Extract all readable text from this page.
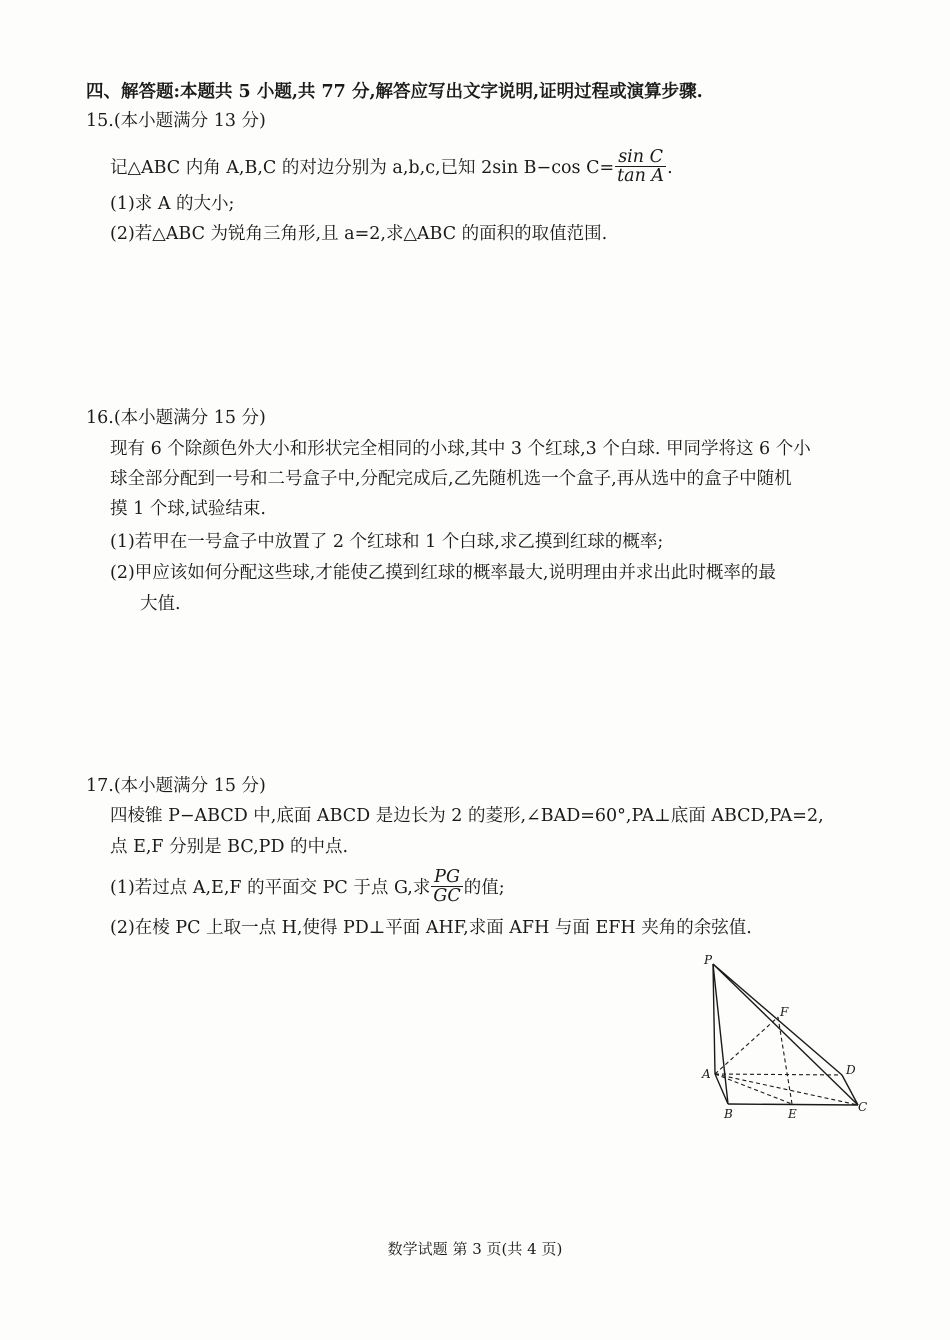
四、解答题:本题共 5 小题,共 77 分,解答应写出文字说明,证明过程或演算步骤.
15.(本小题满分 13 分)
记△ABC 内角 A,B,C 的对边分别为 a,b,c,已知 2sin B−cos $C= \frac{\text{sin C}}{\text{tan A}}$ .
(1)求 A 的大小;
(2)若△ABC 为锐角三角形,且 a=2,求△ABC 的面积的取值范围.
16.(本小题满分 15 分)
现有 6 个除颜色外大小和形状完全相同的小球,其中 3 个红球,3 个白球. 甲同学将这 6 个小
球全部分配到一号和二号盒子中,分配完成后,乙先随机选一个盒子,再从选中的盒子中随机
摸 1 个球,试验结束.
(1)若甲在一号盒子中放置了 2 个红球和 1 个白球,求乙摸到红球的概率;
(2)甲应该如何分配这些球,才能使乙摸到红球的概率最大,说明理由并求出此时概率的最
大值.
17.(本小题满分 15 分)
四棱锥 P−ABCD 中,底面 ABCD 是边长为 2 的菱形,∠BAD=60°,PA⊥底面 ABCD,PA=2,
点 E,F 分别是 BC,PD 的中点.
(1)若过点 A,E,F 的平面交 PC 于点 G,求 $\frac{PG}{GC}$ 的值;
(2)在棱 PC 上取一点 H,使得 PD⊥平面 AHF,求面 AFH 与面 EFH 夹角的余弦值.
P
F
A	D
B	E	C
数学试题 第 3 页(共 4 页)
